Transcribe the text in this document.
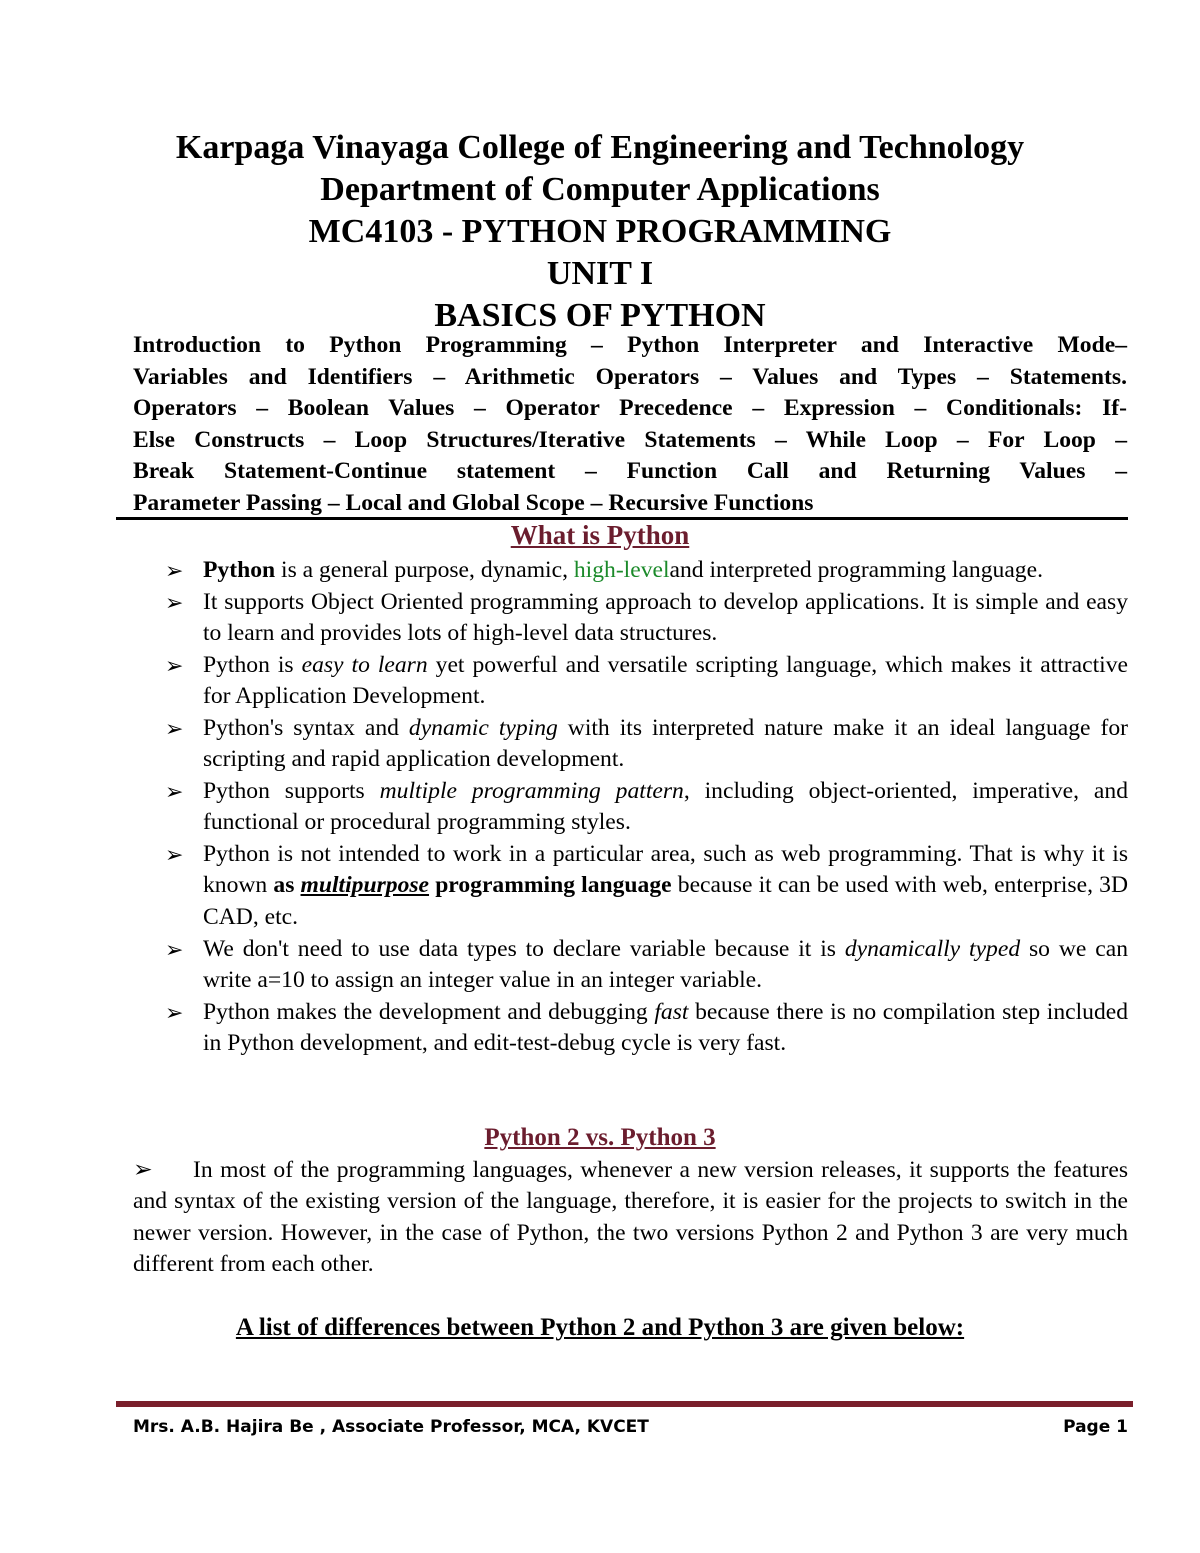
Karpaga Vinayaga College of Engineering and Technology

Department of Computer Applications

MC4103 - PYTHON PROGRAMMING

UNIT I

BASICS OF PYTHON

Introduction to Python Programming – Python Interpreter and Interactive Mode–

Variables and Identifiers – Arithmetic Operators – Values and Types – Statements.

Operators – Boolean Values – Operator Precedence – Expression – Conditionals: If-

Else Constructs – Loop Structures/Iterative Statements – While Loop – For Loop –

Break Statement-Continue statement – Function Call and Returning Values –

Parameter Passing – Local and Global Scope – Recursive Functions

What is Python
➢ Python is a general purpose, dynamic, high-leveland interpreted programming language.
➢ It supports Object Oriented programming approach to develop applications. It is simple and easy to learn and provides lots of high-level data structures.
➢ Python is easy to learn yet powerful and versatile scripting language, which makes it attractive for Application Development.
➢ Python's syntax and dynamic typing with its interpreted nature make it an ideal language for scripting and rapid application development.
➢ Python supports multiple programming pattern, including object-oriented, imperative, and functional or procedural programming styles.
➢ Python is not intended to work in a particular area, such as web programming. That is why it is known as multipurpose programming language because it can be used with web, enterprise, 3D CAD, etc.
➢ We don't need to use data types to declare variable because it is dynamically typed so we can write a=10 to assign an integer value in an integer variable.
➢ Python makes the development and debugging fast because there is no compilation step included in Python development, and edit-test-debug cycle is very fast.
Python 2 vs. Python 3

➢ In most of the programming languages, whenever a new version releases, it supports the features and syntax of the existing version of the language, therefore, it is easier for the projects to switch in the newer version. However, in the case of Python, the two versions Python 2 and Python 3 are very much different from each other.

A list of differences between Python 2 and Python 3 are given below:
Mrs. A.B. Hajira Be , Associate Professor, MCA, KVCET	Page 1
